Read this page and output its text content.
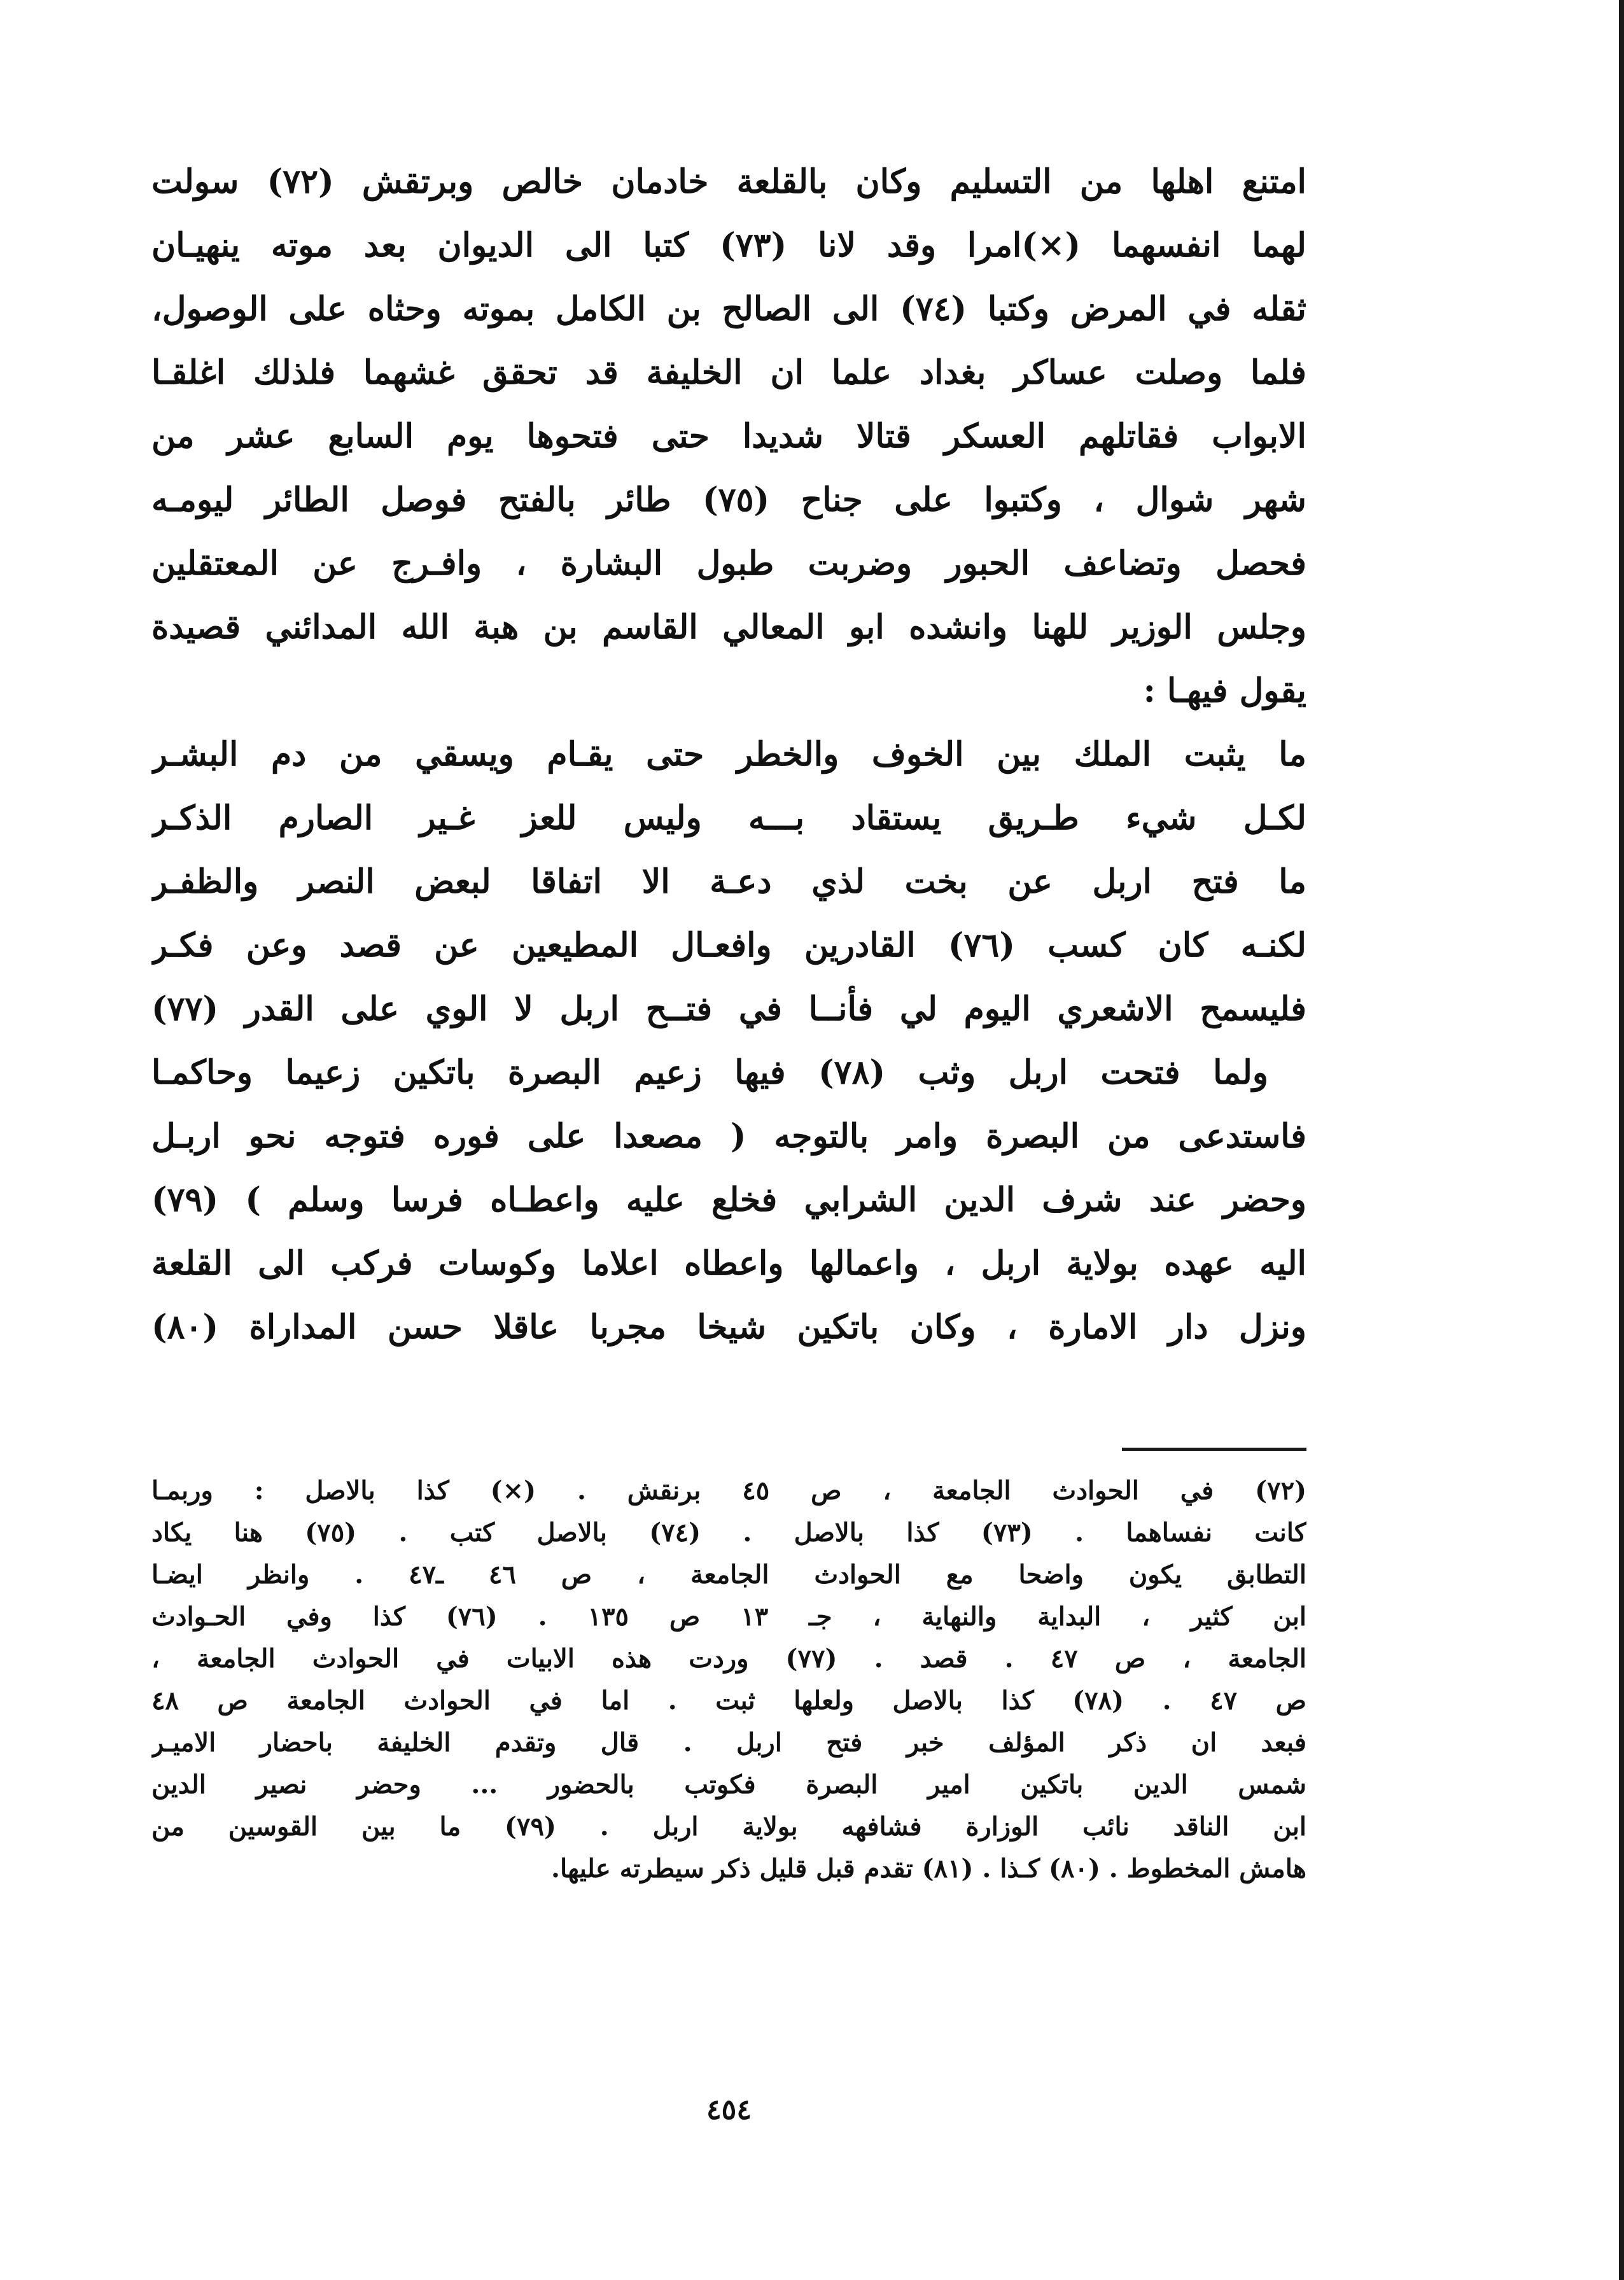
امتنع اهلها من التسليم وكان بالقلعة خادمان خالص وبرتقش (٧٢) سولت
لهما انفسهما (×)امرا وقد لانا (٧٣) كتبا الى الديوان بعد موته ينهيـان
ثقله في المرض وكتبا (٧٤) الى الصالح بن الكامل بموته وحثاه على الوصول،
فلما وصلت عساكر بغداد علما ان الخليفة قد تحقق غشهما فلذلك اغلقـا
الابواب فقاتلهم العسكر قتالا شديدا حتى فتحوها يوم السابع عشر من
شهر شوال ، وكتبوا على جناح (٧٥) طائر بالفتح فوصل الطائر ليومـه
فحصل وتضاعف الحبور وضربت طبول البشارة ، وافـرج عن المعتقلين
وجلس الوزير للهنا وانشده ابو المعالي القاسم بن هبة الله المدائني قصيدة
يقول فيهـا :
ما يثبت الملك بين الخوف والخطر حتى يقـام ويسقي من دم البشـر
لكـل شيء طـريق يستقاد بـــه وليس للعز غـير الصارم الذكـر
ما فتح اربل عن بخت لذي دعـة الا اتفاقا لبعض النصر والظفـر
لكنـه كان كسب (٧٦) القادرين وافعـال المطيعين عن قصد وعن فكـر
فليسمح الاشعري اليوم لي فأنــا في فتــح اربل لا الوي على القدر (٧٧)
ولما فتحت اربل وثب (٧٨) فيها زعيم البصرة باتكين زعيما وحاكمـا
فاستدعى من البصرة وامر بالتوجه ( مصعدا على فوره فتوجه نحو اربـل
وحضر عند شرف الدين الشرابي فخلع عليه واعطـاه فرسا وسلم ) (٧٩)
اليه عهده بولاية اربل ، واعمالها واعطاه اعلاما وكوسات فركب الى القلعة
ونزل دار الامارة ، وكان باتكين شيخا مجربا عاقلا حسن المداراة (٨٠)
(٧٢) في الحوادث الجامعة ، ص ٤٥ برنقش . (×) كذا بالاصل : وربمـا
كانت نفساهما . (٧٣) كذا بالاصل . (٧٤) بالاصل كتب . (٧٥) هنا يكاد
التطابق يكون واضحا مع الحوادث الجامعة ، ص ٤٦ ـ٤٧ . وانظر ايضـا
ابن كثير ، البداية والنهاية ، جـ ١٣ ص ١٣٥ . (٧٦) كذا وفي الحـوادث
الجامعة ، ص ٤٧ . قصد . (٧٧) وردت هذه الابيات في الحوادث الجامعة ،
ص ٤٧ . (٧٨) كذا بالاصل ولعلها ثبت . اما في الحوادث الجامعة ص ٤٨
فبعد ان ذكر المؤلف خبر فتح اربل . قال وتقدم الخليفة باحضار الاميـر
شمس الدين باتكين امير البصرة فكوتب بالحضور ... وحضر نصير الدين
ابن الناقد نائب الوزارة فشافهه بولاية اربل . (٧٩) ما بين القوسين من
هامش المخطوط . (٨٠) كـذا . (٨١) تقدم قبل قليل ذكر سيطرته عليها.
٤٥٤
